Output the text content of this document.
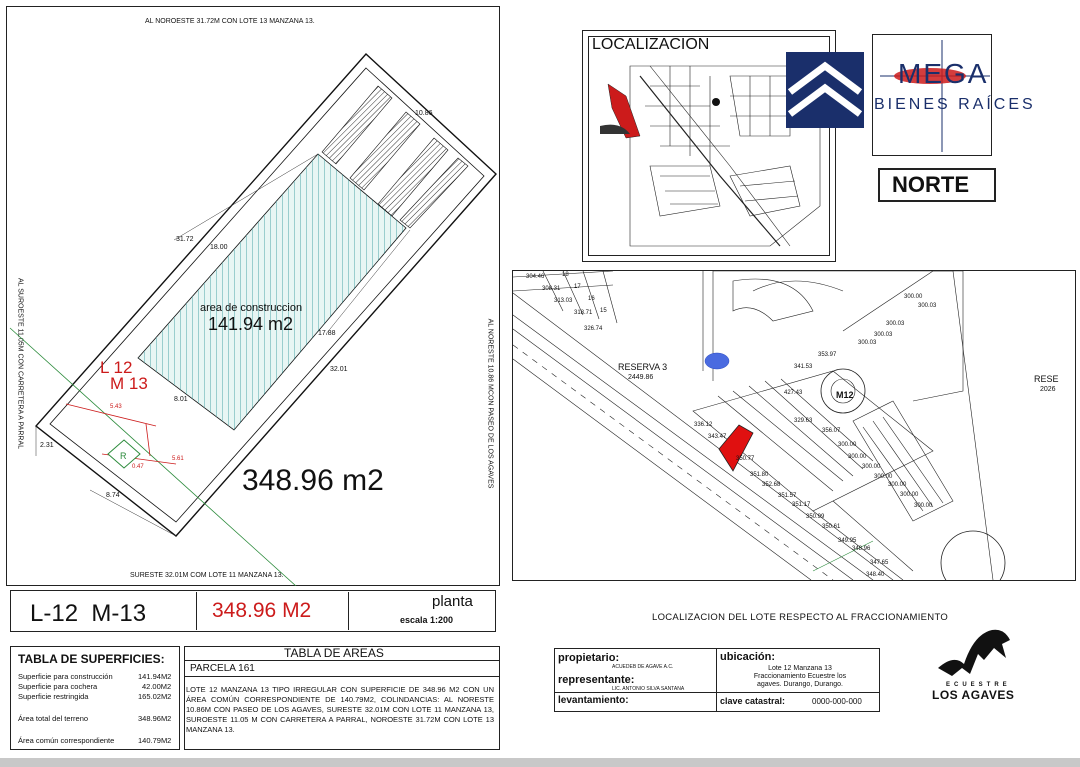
AL NOROESTE 31.72M CON LOTE 13 MANZANA 13.
SURESTE 32.01M COM LOTE 11 MANZANA 13.
AL SUROESTE 11.05M CON CARRETERA A PARRAL	AL NORESTE 10.86 MCON PASEO DE LOS AGAVES
R
10.86
31.72
18.00
17.88
32.01
8.01
5.43
2.31
8.74
5.61
0.47
area de construccion
141.94 m2
L 12
M 13
348.96 m2
L-12  M-13	348.96 M2	planta
escala 1:200
TABLA DE SUPERFICIES:
Superficie para construcción	141.94M2
Superficie para cochera	42.00M2
Superficie restringida	165.02M2
Área total del terreno	348.96M2
Área común correspondiente	140.79M2
TABLA DE AREAS
PARCELA 161
LOTE 12 MANZANA 13 TIPO IRREGULAR CON SUPERFICIE DE 348.96 M2 CON UN ÁREA COMÚN CORRESPONDIENTE DE 140.79M2, COLINDANCIAS: AL NORESTE 10.86M CON PASEO DE LOS AGAVES, SURESTE 32.01M CON LOTE 11 MANZANA 13, SUROESTE 11.05 M CON CARRETERA A PARRAL, NOROESTE 31.72M CON LOTE 13 MANZANA 13.
LOCALIZACION
MEGA
BIENES RAÍCES
NORTE
RESERVA 3
2449.86
M12
RESE
2026
304.46
308.31
313.03
318.71
326.74
18
17
16
15
336.12
343.47
350.77
351.80
352.68
351.57
351.17
350.99
350.61
349.95
348.96
347.65
348.40
300.03
300.03
300.03
300.03
353.97
341.53
427.43
329.63
356.07
300.00
300.00
300.00
300.00
300.00
300.00
300.00
300.00
LOCALIZACION DEL LOTE RESPECTO AL FRACCIONAMIENTO
propietario:
ACUEDEB DE AGAVE A.C.
representante:
LIC. ANTONIO SILVA SANTANA
levantamiento:
ubicación:
Lote 12 Manzana 13 Fraccionamiento Ecuestre los agaves. Durango, Durango.
clave catastral:	0000-000-000
ECUESTRE
LOS AGAVES
